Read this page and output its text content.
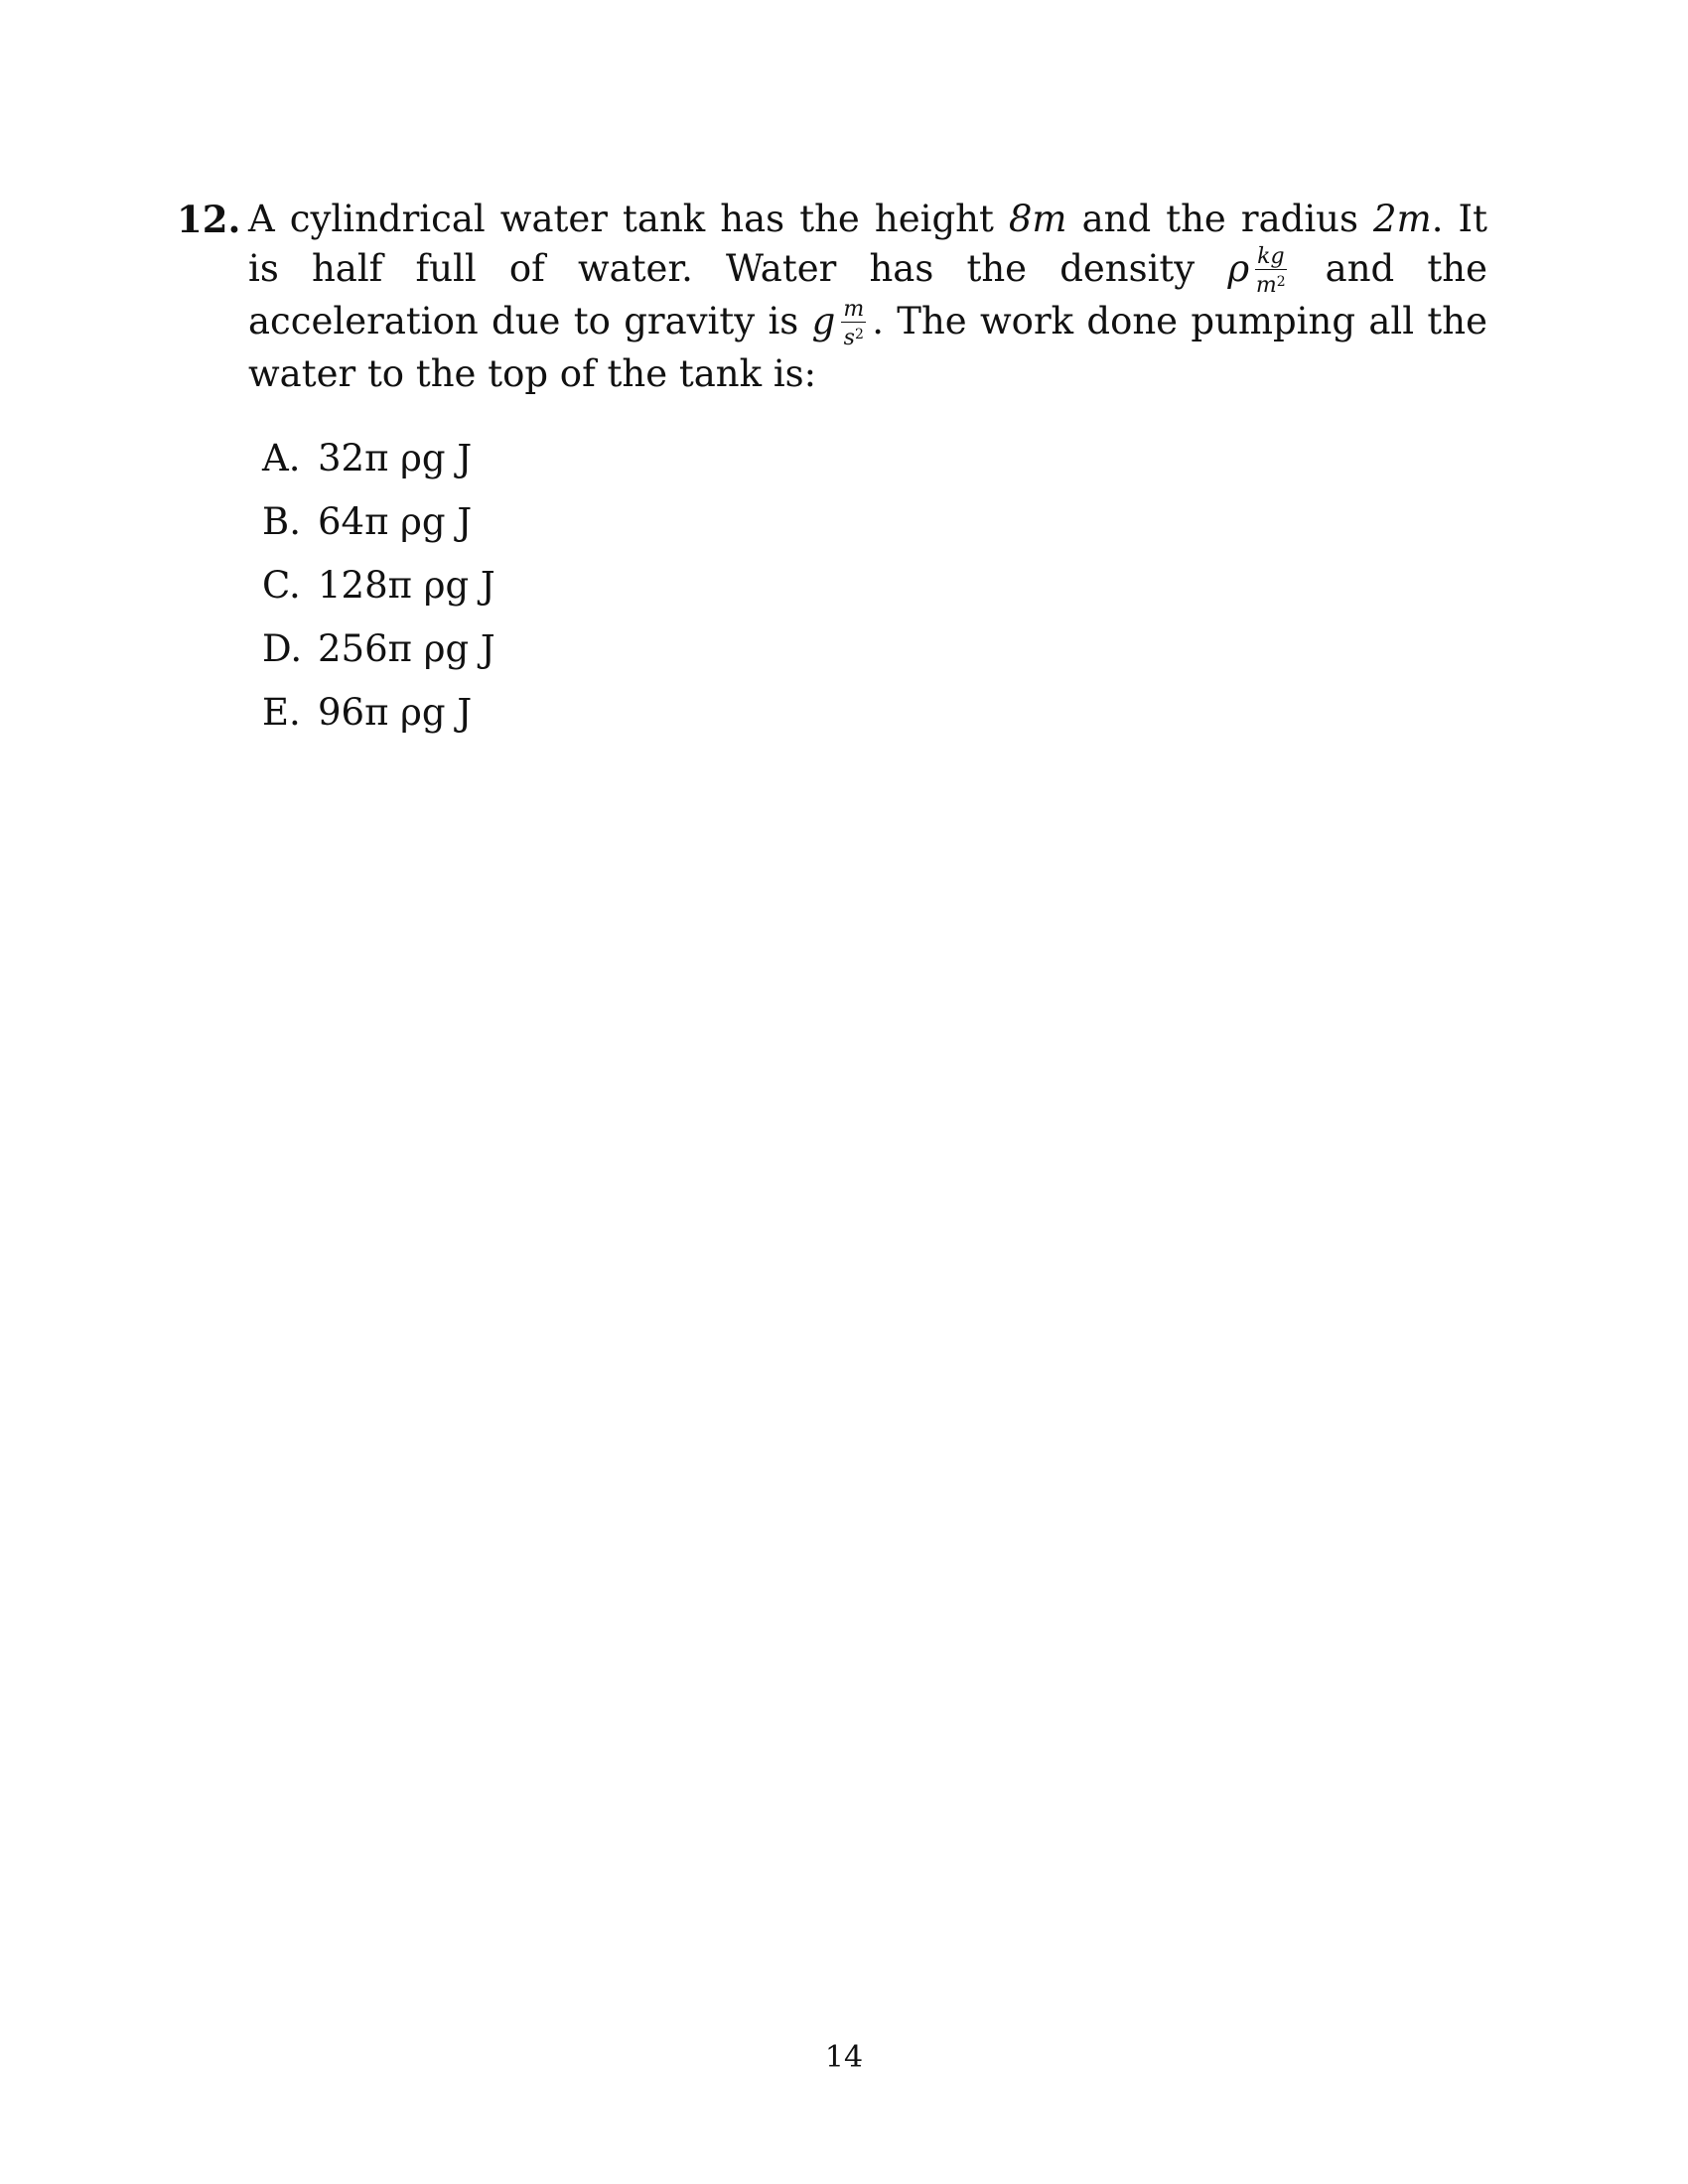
12. A cylindrical water tank has the height 8m and the radius 2m. It is half full of water. Water has the density ρ $\frac{kg}{m^2}$ and the acceleration due to gravity is g $\frac{m}{s^2}$ . The work done pumping all the water to the top of the tank is:
A. 32π ρg J
B. 64π ρg J
C. 128π ρg J
D. 256π ρg J
E. 96π ρg J
14
